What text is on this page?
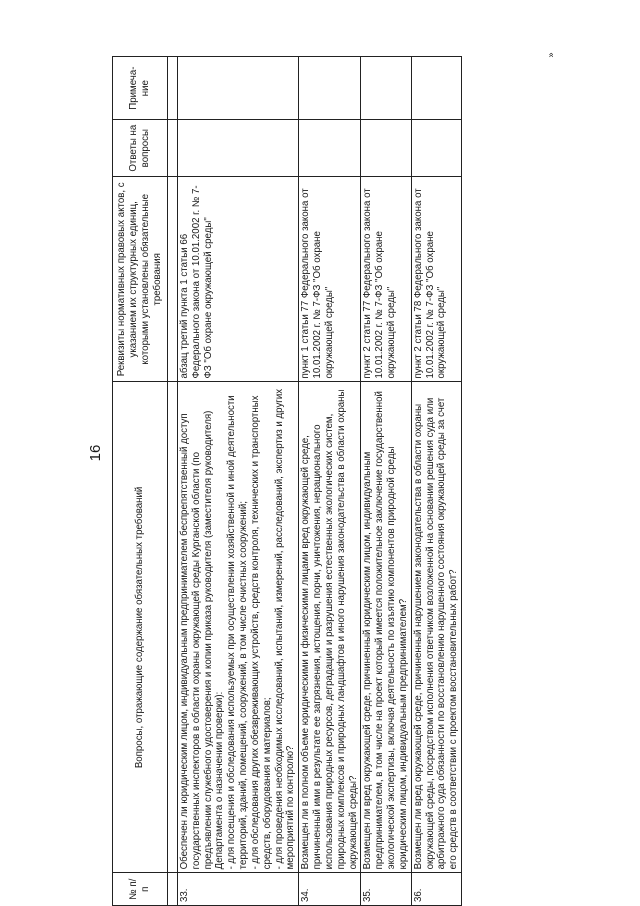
16
№ п/п	Вопросы, отражающие содержание обязательных требований	Реквизиты нормативных правовых актов, с указанием их структурных единиц, которыми установлены обязательные требования	Ответы на вопросы	Примеча-ние

33.	Обеспечен ли юридическим лицом, индивидуальным предпринимателем беспрепятственный доступ государственных инспекторов в области охраны окружающей среды Курганской области (по предъявлении служебного удостоверения и копии приказа руководителя (заместителя руководителя) Департамента о назначении проверки): - для посещения и обследования используемых при осуществлении хозяйственной и иной деятельности территорий, зданий, помещений, сооружений, в том числе очистных сооружений; - для обследования других обезвреживающих устройств, средств контроля, технических и транспортных средств, оборудования и материалов; - для проведения необходимых исследований, испытаний, измерений, расследований, экспертиз и других мероприятий по контролю?	абзац третий пункта 1 статьи 66 Федерального закона от 10.01.2002 г. № 7-ФЗ "Об охране окружающей среды"		
34.	Возмещен ли в полном объеме юридическими и физическими лицами вред окружающей среде, причиненный ими в результате ее загрязнения, истощения, порчи, уничтожения, нерационального использования природных ресурсов, деградации и разрушения естественных экологических систем, природных комплексов и природных ландшафтов и иного нарушения законодательства в области охраны окружающей среды?	пункт 1 статьи 77 Федерального закона от 10.01.2002 г. № 7-ФЗ "Об охране окружающей среды"		
35.	Возмещен ли вред окружающей среде, причиненный юридическим лицом, индивидуальным предпринимателем, в том числе на проект который имеется положительное заключение государственной экологической экспертизы, включая деятельность по изъятию компонентов природной среды юридическим лицом, индивидуальным предпринимателем?	пункт 2 статьи 77 Федерального закона от 10.01.2002 г. № 7-ФЗ "Об охране окружающей среды"		
36.	Возмещен ли вред окружающей среде, причиненный нарушением законодательства в области охраны окружающей среды, посредством исполнения ответчиком возложенной на основании решения суда или арбитражного суда обязанности по восстановлению нарушенного состояния окружающей среды за счет его средств в соответствии с проектом восстановительных работ?	пункт 2 статьи 78 Федерального закона от 10.01.2002 г. № 7-ФЗ "Об охране окружающей среды"		
»
